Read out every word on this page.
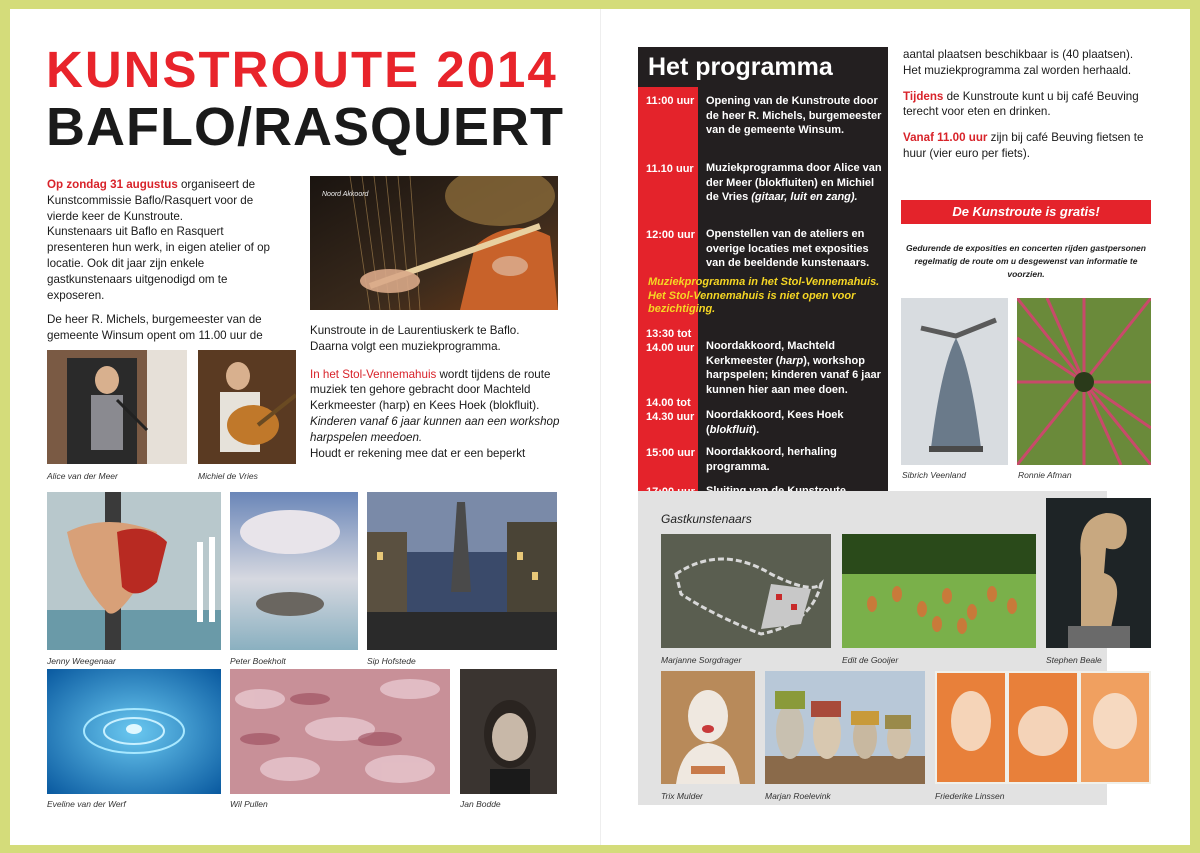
KUNSTROUTE 2014
BAFLO/RASQUERT

Op zondag 31 augustus organiseert de Kunstcommissie Baflo/Rasquert voor de vierde keer de Kunstroute.

Kunstenaars uit Baflo en Rasquert presenteren hun werk, in eigen atelier of op locatie. Ook dit jaar zijn enkele gastkunstenaars uitgenodigd om te exposeren.

De heer R. Michels, burgemeester van de gemeente Winsum opent om 11.00 uur de

Noord Akkoord

Kunstroute in de Laurentiuskerk te Baflo. Daarna volgt een muziekprogramma.

In het Stol-Vennemahuis wordt tijdens de route muziek ten gehore gebracht door Machteld Kerkmeester (harp) en Kees Hoek (blokfluit). Kinderen vanaf 6 jaar kunnen aan een workshop harpspelen meedoen.

Houdt er rekening mee dat er een beperkt

Alice van der Meer	Michiel de Vries
Jenny Weegenaar	Peter Boekholt	Sip Hofstede
Eveline van der Werf	Wil Pullen	Jan Bodde
Het programma
11:00 uur Opening van de Kunstroute door de heer R. Michels, burgemeester van de gemeente Winsum.
11.10 uur Muziekprogramma door Alice van der Meer (blokfluiten) en Michiel de Vries (gitaar, luit en zang).
12:00 uur Openstellen van de ateliers en overige locaties met exposities van de beeldende kunstenaars.
Muziekprogramma in het Stol-Vennemahuis. Het Stol-Vennemahuis is niet open voor bezichtiging.
13:30 tot
14.00 uur Noordakkoord, Machteld Kerkmeester (harp), workshop harpspelen; kinderen vanaf 6 jaar kunnen hier aan mee doen.
14.00 tot
14.30 uur Noordakkoord, Kees Hoek (blokfluit).
15:00 uur Noordakkoord, herhaling programma.

aantal plaatsen beschikbaar is (40 plaatsen). Het muziekprogramma zal worden herhaald.

Tijdens de Kunstroute kunt u bij café Beuving terecht voor eten en drinken.

Vanaf 11.00 uur zijn bij café Beuving fietsen te huur (vier euro per fiets).

De Kunstroute is gratis!
Gedurende de exposities en concerten rijden gastpersonen regelmatig de route om u desgewenst van informatie te voorzien.
Sibrich Veenland	Ronnie Afman
Gastkunstenaars
Marjanne Sorgdrager	Edit de Gooijer	Stephen Beale
Trix Mulder	Marjan Roelevink	Friederike Linssen
